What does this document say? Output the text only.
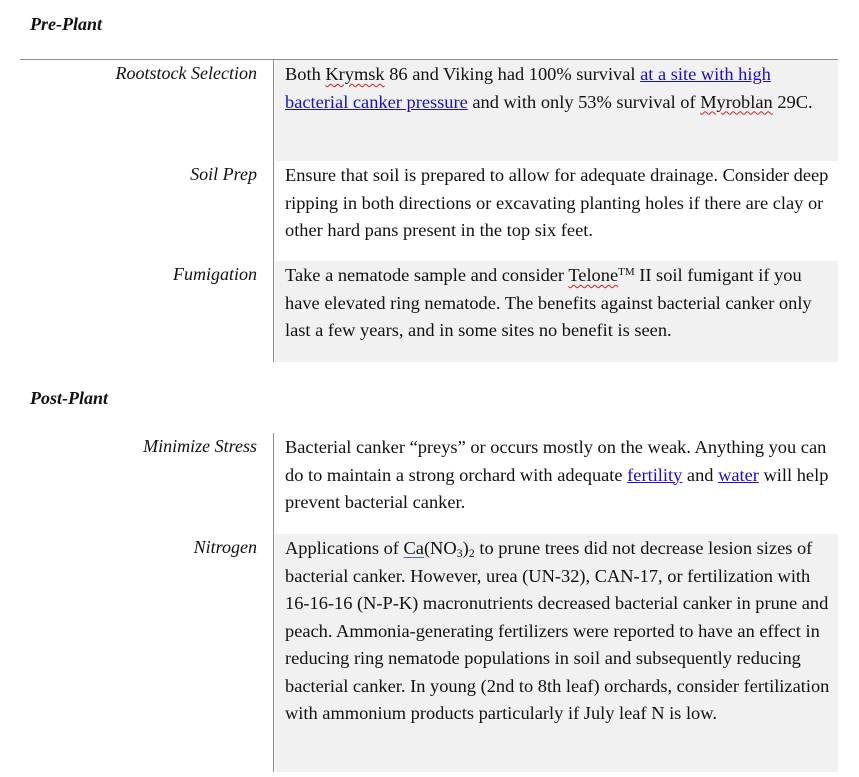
Pre-Plant
Rootstock Selection	Both Krymsk 86 and Viking had 100% survival at a site with high bacterial canker pressure and with only 53% survival of Myroblan 29C.
Soil Prep	Ensure that soil is prepared to allow for adequate drainage. Consider deep ripping in both directions or excavating planting holes if there are clay or other hard pans present in the top six feet.
Fumigation	Take a nematode sample and consider Telone™ II soil fumigant if you have elevated ring nematode. The benefits against bacterial canker only last a few years, and in some sites no benefit is seen.
Post-Plant
Minimize Stress	Bacterial canker “preys” or occurs mostly on the weak. Anything you can do to maintain a strong orchard with adequate fertility and water will help prevent bacterial canker.
Nitrogen	Applications of $Ca(NO_3)_2$ to prune trees did not decrease lesion sizes of bacterial canker. However, urea (UN-32), CAN-17, or fertilization with 16-16-16 (N-P-K) macronutrients decreased bacterial canker in prune and peach. Ammonia-generating fertilizers were reported to have an effect in reducing ring nematode populations in soil and subsequently reducing bacterial canker. In young (2nd to 8th leaf) orchards, consider fertilization with ammonium products particularly if July leaf N is low.
